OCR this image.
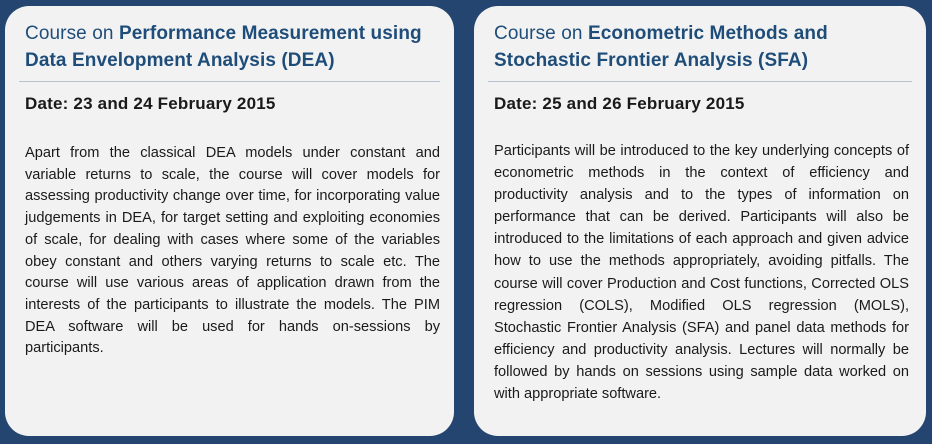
Course on Performance Measurement using Data Envelopment Analysis (DEA)

Date: 23 and 24 February 2015

Apart from the classical DEA models under constant and variable returns to scale, the course will cover models for assessing productivity change over time, for incorporating value judgements in DEA, for target setting and exploiting economies of scale, for dealing with cases where some of the variables obey constant and others varying returns to scale etc. The course will use various areas of application drawn from the interests of the participants to illustrate the models. The PIM DEA software will be used for hands on-sessions by participants.

Course on Econometric Methods and Stochastic Frontier Analysis (SFA)

Date: 25 and 26 February 2015

Participants will be introduced to the key underlying concepts of econometric methods in the context of efficiency and productivity analysis and to the types of information on performance that can be derived. Participants will also be introduced to the limitations of each approach and given advice how to use the methods appropriately, avoiding pitfalls. The course will cover Production and Cost functions, Corrected OLS regression (COLS), Modified OLS regression (MOLS), Stochastic Frontier Analysis (SFA) and panel data methods for efficiency and productivity analysis. Lectures will normally be followed by hands on sessions using sample data worked on with appropriate software.
